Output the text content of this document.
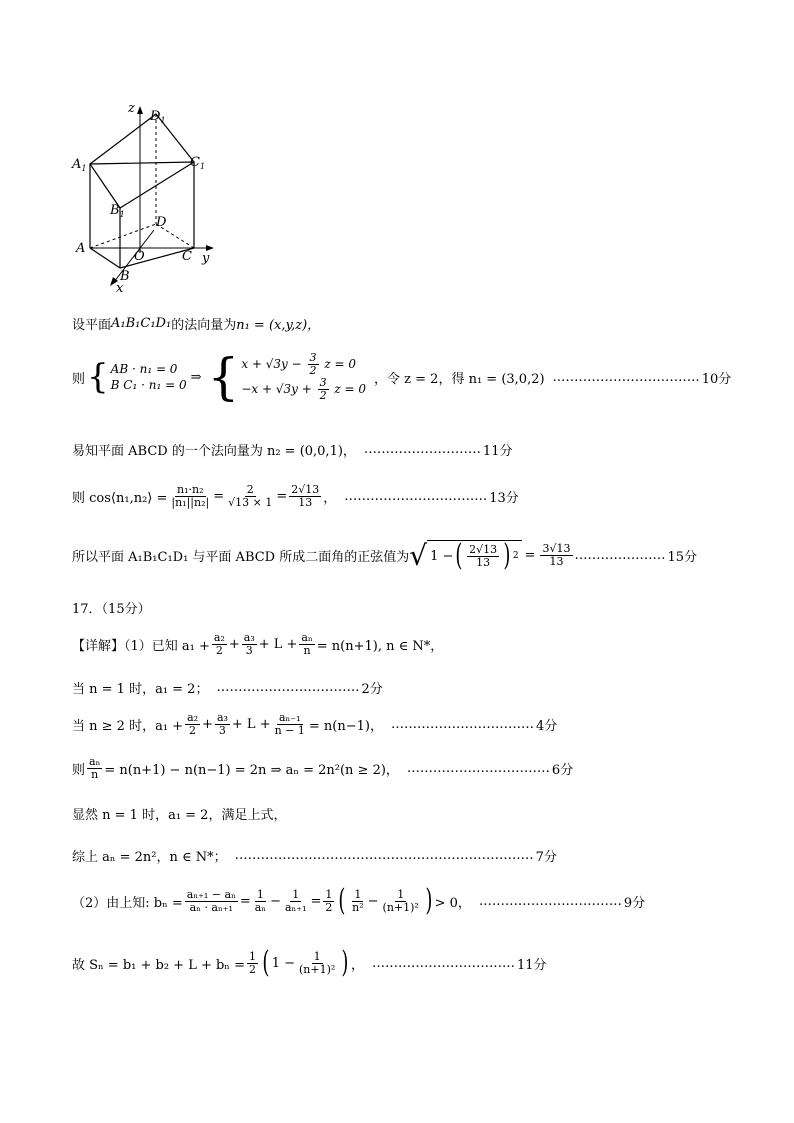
z
$D_1$
$A_1$	$C_1$
$B_1$
D
A
O	C y
B
x
设平面 A₁B₁C₁D₁ 的法向量为 n₁ = (x,y,z)，
则 { AB · n₁ = 0
B C₁ · n₁ = 0
⇒ { $x + √3y - \frac{3}{2}$ z = 0
$-x + √3y + \frac{3}{2}$ z = 0
，令 z = 2，得 n₁ = (3,0,2) .…………………………… 10分
易知平面 ABCD 的一个法向量为 n₂ = (0,0,1)， ……………………… 11分
则 cos⟨n₁,n₂⟩ = $\frac{\text{n₁·n₂}}{\text{|n₁||n₂|}} = \frac{2}{√13 \times 1} = \frac{2√13}{13}$ ， …………………………… 13分
所以平面 A₁B₁C₁D₁ 与平面 ABCD 所成二面角的正弦值为 √ 1 − ( $\frac{2√13}{13}$ ) $2 = \frac{3√13}{13}$ ………………… 15分
17．（15分）
【详解】（1）已知 $a_1 + \frac{\text{a₂}}{2} + \frac{\text{a₃}}{3} + L + \frac{\text{aₙ}}{n} = n(n+1)$, n ∈ N*，
当 n = 1 时，a₁ = 2； …………………………… 2分
当 n ≥ 2 时，$a_1 + \frac{\text{a₂}}{2} + \frac{\text{a₃}}{3} + L + \frac{\text{aₙ₋₁}}{n - 1} = n(n-1)$， …………………………… 4分
则 $\frac{\text{aₙ}}{n} = n(n+1) - n(n-1) = 2n$ ⇒ aₙ = 2n²(n ≥ 2)， …………………………… 6分
显然 n = 1 时，a₁ = 2，满足上式，
综上 aₙ = 2n²，n ∈ N*； …………………………………………………………… 7分
（2）由上知: $b_n = \frac{\text{aₙ₊₁ − aₙ}}{\text{aₙ · aₙ₊₁}} = \frac{1}{\text{aₙ}} - \frac{1}{\text{aₙ₊₁}} = \frac{1}{2}$ ( $\frac{1}{\text{n²}} - \frac{1}{\text{(n+1)²}}$ ) > 0， …………………………… 9分
故 $S_n = b_1 + b_2 + L + b_n = \frac{1}{2}$ ( $1 - \frac{1}{\text{(n+1)²}}$ ) ， …………………………… 11分
